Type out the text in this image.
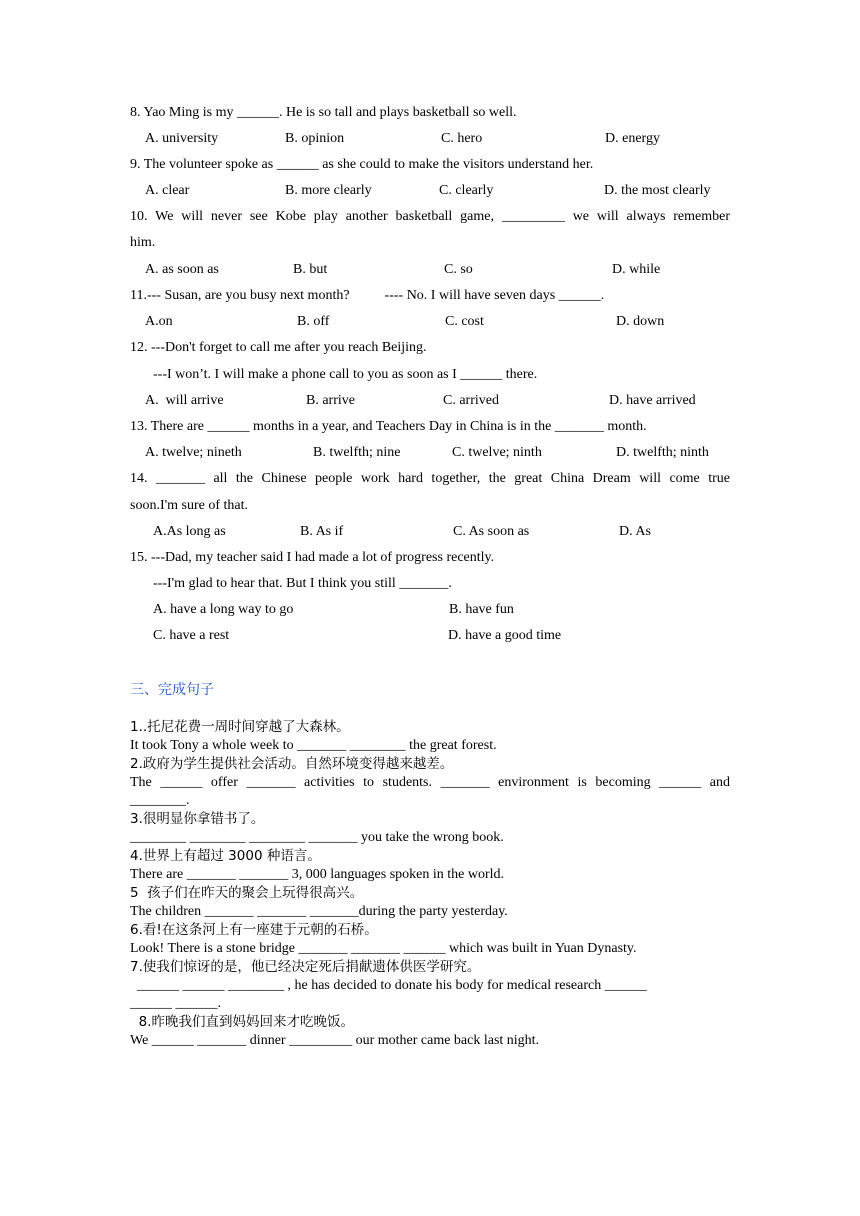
8. Yao Ming is my ______. He is so tall and plays basketball so well.
A. university	B. opinion	C. hero	D. energy
9. The volunteer spoke as ______ as she could to make the visitors understand her.
A. clear	B. more clearly	C. clearly	D. the most clearly
10. We will never see Kobe play another basketball game, _________ we will always remember
him.
A. as soon as	B. but	C. so	D. while
11.--- Susan, are you busy next month?          ---- No. I will have seven days ______.
A.on	B. off	C. cost	D. down
12. ---Don't forget to call me after you reach Beijing.
---I won’t. I will make a phone call to you as soon as I ______ there.
A.  will arrive	B. arrive	C. arrived	D. have arrived
13. There are ______ months in a year, and Teachers Day in China is in the _______ month.
A. twelve; nineth	B. twelfth; nine	C. twelve; ninth	D. twelfth; ninth
14. _______ all the Chinese people work hard together, the great China Dream will come true
soon.I'm sure of that.
A.As long as	B. As if	C. As soon as	D. As
15. ---Dad, my teacher said I had made a lot of progress recently.
---I'm glad to hear that. But I think you still _______.
A. have a long way to go	B. have fun
C. have a rest	D. have a good time
三、完成句子
1..托尼花费一周时间穿越了大森林。
It took Tony a whole week to _______ ________ the great forest.
2.政府为学生提供社会活动。自然环境变得越来越差。
The ______ offer _______ activities to students. _______ environment is becoming ______ and
________.
3.很明显你拿错书了。
________ ________ ________ _______ you take the wrong book.
4.世界上有超过 3000 种语言。
There are _______ _______ 3, 000 languages spoken in the world.
5  孩子们在昨天的聚会上玩得很高兴。
The children _______ _______ _______during the party yesterday.
6.看!在这条河上有一座建于元朝的石桥。
Look! There is a stone bridge _______ _______ ______ which was built in Yuan Dynasty.
7.使我们惊讶的是，他已经决定死后捐献遗体供医学研究。
______ ______ ________ , he has decided to donate his body for medical research ______
______ ______.
8.昨晚我们直到妈妈回来才吃晚饭。
We ______ _______ dinner _________ our mother came back last night.
